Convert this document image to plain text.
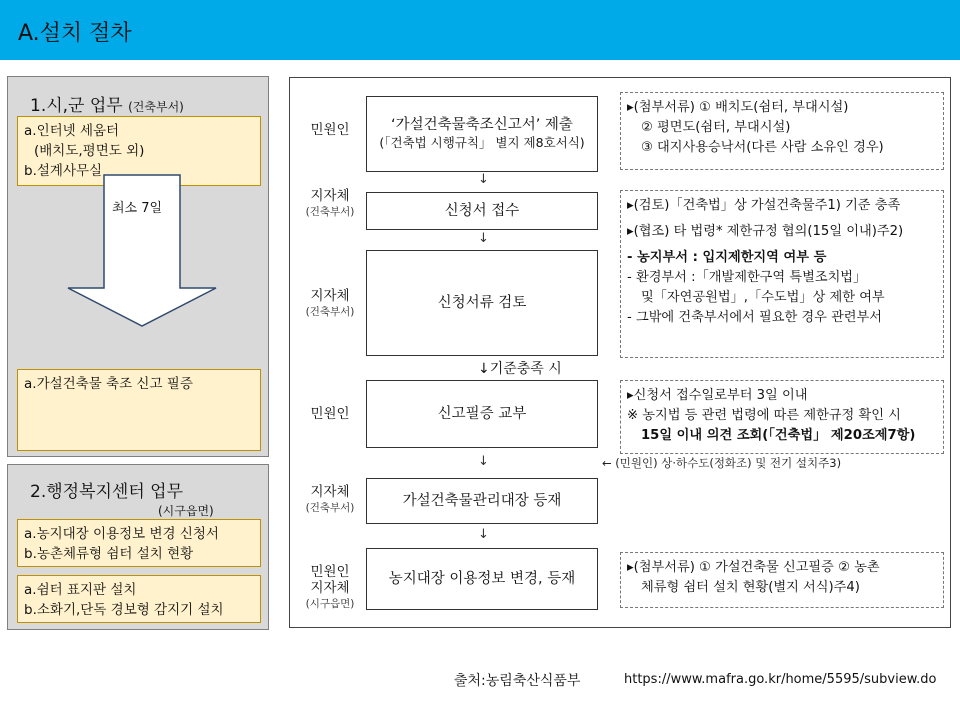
A.설치 절차
1.시,군 업무 (건축부서)
a.인터넷 세움터
(배치도,평면도 외)
b.설계사무실
a.가설건축물 축조 신고 필증
최소 7일
2.행정복지센터 업무
(시구읍면)
a.농지대장 이용정보 변경 신청서
b.농촌체류형 쉼터 설치 현황
a.쉼터 표지판 설치
b.소화기,단독 경보형 감지기 설치
민원인	‘가설건축물축조신고서’ 제출
(「건축법 시행규칙」 별지 제8호서식)
↓
지자체
(건축부서)	신청서 접수
↓
지자체
(건축부서)
신청서류 검토
↓기준충족 시
민원인	신고필증 교부
↓
지자체
(건축부서)	가설건축물관리대장 등재
↓

민원인
지자체

(시구읍면)

농지대장 이용정보 변경, 등재
▸(첨부서류) ① 배치도(쉼터, 부대시설)
② 평면도(쉼터, 부대시설)
③ 대지사용승낙서(다른 사람 소유인 경우)
▸(검토)「건축법」상 가설건축물주1) 기준 충족
▸(협조) 타 법령* 제한규정 협의(15일 이내)주2)
- 농지부서 : 입지제한지역 여부 등
- 환경부서 :「개발제한구역 특별조치법」
및「자연공원법」,「수도법」상 제한 여부
- 그밖에 건축부서에서 필요한 경우 관련부서
▸신청서 접수일로부터 3일 이내
※ 농지법 등 관련 법령에 따른 제한규정 확인 시
15일 이내 의견 조회(「건축법」 제20조제7항)
← (민원인) 상·하수도(정화조) 및 전기 설치주3)
▸(첨부서류) ① 가설건축물 신고필증 ② 농촌
체류형 쉼터 설치 현황(별지 서식)주4)
출처:농림축산식품부	https://www.mafra.go.kr/home/5595/subview.do
